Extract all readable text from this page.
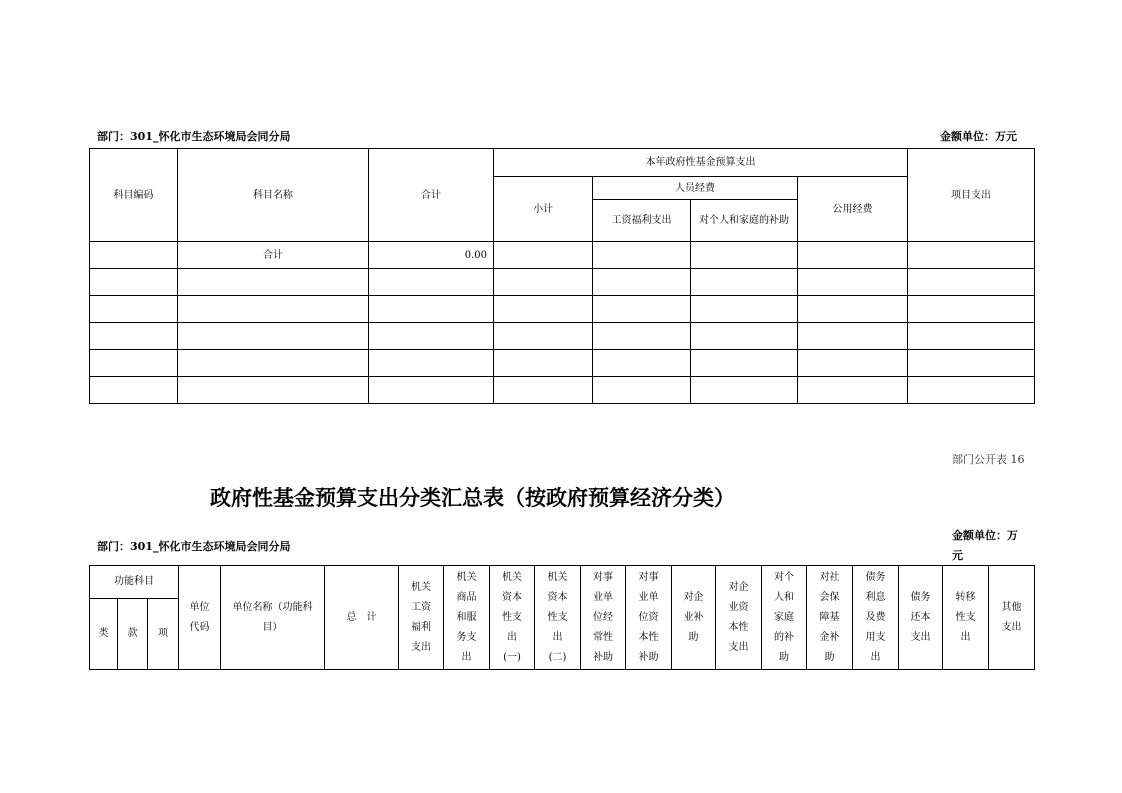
部门：301_怀化市生态环境局会同分局	金额单位：万元
科目编码	科目名称	合计	本年政府性基金预算支出				项目支出
			小计	人员经费		公用经费	
				工资福利支出	对个人和家庭的补助		
	合计	0.00					

部门公开表 16
政府性基金预算支出分类汇总表（按政府预算经济分类）
部门：301_怀化市生态环境局会同分局
金额单位：万元
功能科目			单位代码	单位名称（功能科目）	总　计	机关工资福利支出	机关商品和服务支出	机关资本性支出(一)	机关资本性支出(二)	对事业单位经常性补助	对事业单位资本性补助	对企业补助	对企业资本性支出	对个人和家庭的补助	对社会保障基金补助	债务利息及费用支出	债务还本支出	转移性支出	其他支出
类	款	项																	
